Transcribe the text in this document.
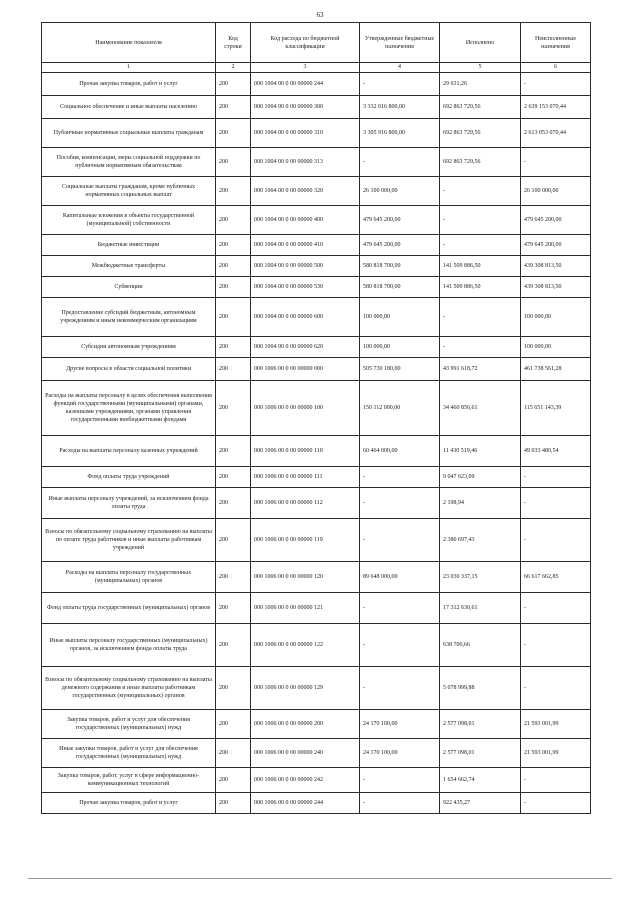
63
Наименование показателя	Код строки	Код расхода по бюджетной классификации	Утвержденные бюджетные назначения	Исполнено	Неисполненные назначения
1	2	3	4	5	6
Прочая закупка товаров, работ и услуг	200	000 1004 00 0 00 00000 244	-	29 631,26	-
Социальное обеспечение и иные выплаты населению	200	000 1004 00 0 00 00000 300	3 332 016 800,00	692 863 729,56	2 639 153 070,44
Публичные нормативные социальные выплаты гражданам	200	000 1004 00 0 00 00000 310	3 305 916 800,00	692 863 729,56	2 613 053 070,44
Пособия, компенсации, меры социальной поддержки по публичным нормативным обязательствам	200	000 1004 00 0 00 00000 313	-	692 863 729,56	-
Социальные выплаты гражданам, кроме публичных нормативных социальных выплат	200	000 1004 00 0 00 00000 320	26 100 000,00	-	26 100 000,00
Капитальные вложения в объекты государственной (муниципальной) собственности	200	000 1004 00 0 00 00000 400	479 645 200,00	-	479 645 200,00
Бюджетные инвестиции	200	000 1004 00 0 00 00000 410	479 645 200,00	-	479 645 200,00
Межбюджетные трансферты	200	000 1004 00 0 00 00000 500	580 818 700,00	141 509 886,50	439 308 813,50
Субвенции	200	000 1004 00 0 00 00000 530	580 818 700,00	141 509 886,50	439 308 813,50
Предоставление субсидий бюджетным, автономным учреждениям и иным некоммерческим организациям	200	000 1004 00 0 00 00000 600	100 000,00	-	100 000,00
Субсидии автономным учреждениям	200	000 1004 00 0 00 00000 620	100 000,00	-	100 000,00
Другие вопросы в области социальной политики	200	000 1006 00 0 00 00000 000	505 730 180,00	43 991 618,72	461 738 561,28
Расходы на выплаты персоналу в целях обеспечения выполнения функций государственными (муниципальными) органами, казенными учреждениями, органами управления государственными внебюджетными фондами	200	000 1006 00 0 00 00000 100	150 112 000,00	34 460 856,61	115 651 143,39
Расходы на выплаты персоналу казенных учреждений	200	000 1006 00 0 00 00000 110	60 464 000,00	11 430 519,46	49 033 480,54
Фонд оплаты труда учреждений	200	000 1006 00 0 00 00000 111	-	9 047 623,09	-
Иные выплаты персоналу учреждений, за исключением фонда оплаты труда	200	000 1006 00 0 00 00000 112	-	2 198,94	-
Взносы по обязательному социальному страхованию на выплаты по оплате труда работников и иные выплаты работникам учреждений	200	000 1006 00 0 00 00000 119	-	2 380 697,43	-
Расходы на выплаты персоналу государственных (муниципальных) органов	200	000 1006 00 0 00 00000 120	89 648 000,00	23 030 337,15	66 617 662,85
Фонд оплаты труда государственных (муниципальных) органов	200	000 1006 00 0 00 00000 121	-	17 312 630,61	-
Иные выплаты персоналу государственных (муниципальных) органов, за исключением фонда оплаты труда	200	000 1006 00 0 00 00000 122	-	638 706,66	-
Взносы по обязательному социальному страхованию на выплаты денежного содержания и иные выплаты работникам государственных (муниципальных) органов	200	000 1006 00 0 00 00000 129	-	5 078 999,88	-
Закупка товаров, работ и услуг для обеспечения государственных (муниципальных) нужд	200	000 1006 00 0 00 00000 200	24 170 100,00	2 577 098,01	21 593 001,99
Иные закупки товаров, работ и услуг для обеспечения государственных (муниципальных) нужд	200	000 1006 00 0 00 00000 240	24 170 100,00	2 577 098,01	21 593 001,99
Закупка товаров, работ, услуг в сфере информационно-коммуникационных технологий	200	000 1006 00 0 00 00000 242	-	1 654 662,74	-
Прочая закупка товаров, работ и услуг	200	000 1006 00 0 00 00000 244	-	922 435,27	-
